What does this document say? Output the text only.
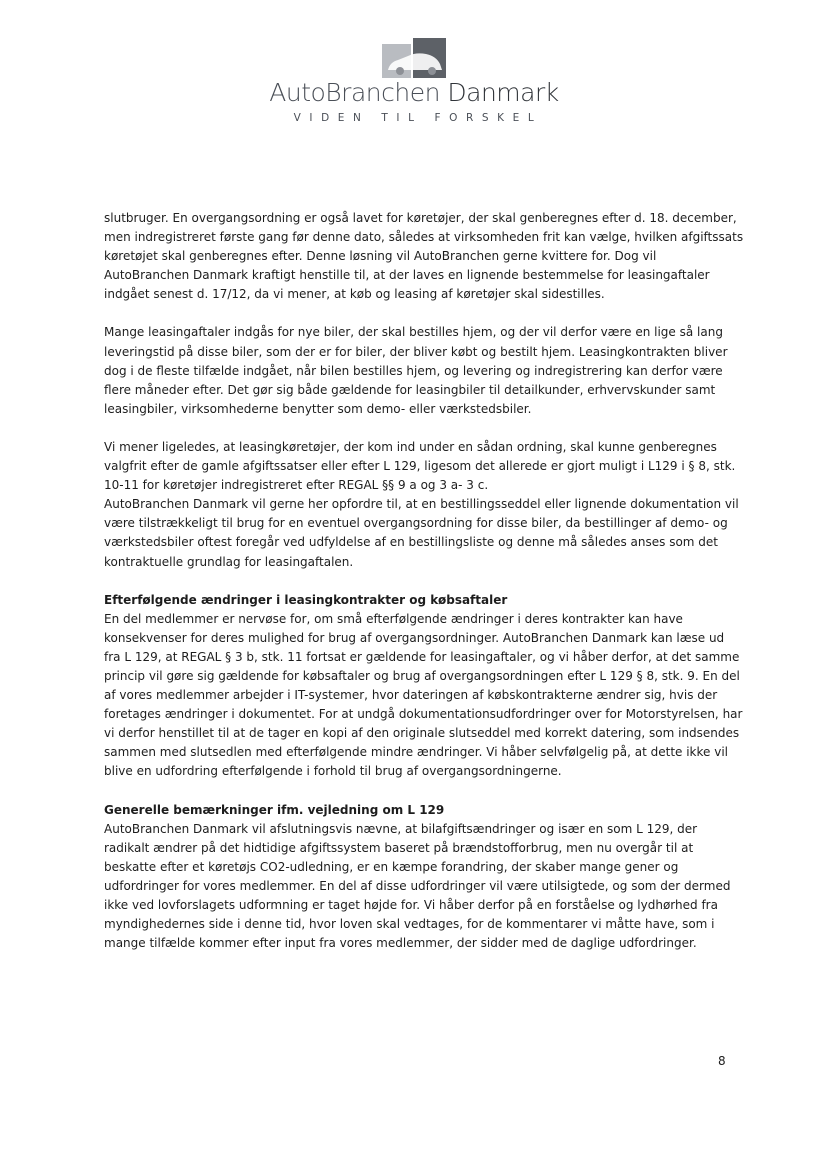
AutoBranchen Danmark
VIDEN TIL FORSKEL

slutbruger. En overgangsordning er også lavet for køretøjer, der skal genberegnes efter d. 18. december, men indregistreret første gang før denne dato, således at virksomheden frit kan vælge, hvilken afgiftssats køretøjet skal genberegnes efter. Denne løsning vil AutoBranchen gerne kvittere for. Dog vil AutoBranchen Danmark kraftigt henstille til, at der laves en lignende bestemmelse for leasingaftaler indgået senest d. 17/12, da vi mener, at køb og leasing af køretøjer skal sidestilles.

Mange leasingaftaler indgås for nye biler, der skal bestilles hjem, og der vil derfor være en lige så lang leveringstid på disse biler, som der er for biler, der bliver købt og bestilt hjem. Leasingkontrakten bliver dog i de fleste tilfælde indgået, når bilen bestilles hjem, og levering og indregistrering kan derfor være flere måneder efter. Det gør sig både gældende for leasingbiler til detailkunder, erhvervskunder samt leasingbiler, virksomhederne benytter som demo- eller værkstedsbiler.

Vi mener ligeledes, at leasingkøretøjer, der kom ind under en sådan ordning, skal kunne genberegnes valgfrit efter de gamle afgiftssatser eller efter L 129, ligesom det allerede er gjort muligt i L129 i § 8, stk. 10-11 for køretøjer indregistreret efter REGAL §§ 9 a og 3 a- 3 c.

AutoBranchen Danmark vil gerne her opfordre til, at en bestillingsseddel eller lignende dokumentation vil være tilstrækkeligt til brug for en eventuel overgangsordning for disse biler, da bestillinger af demo- og værkstedsbiler oftest foregår ved udfyldelse af en bestillingsliste og denne må således anses som det kontraktuelle grundlag for leasingaftalen.

Efterfølgende ændringer i leasingkontrakter og købsaftaler

En del medlemmer er nervøse for, om små efterfølgende ændringer i deres kontrakter kan have konsekvenser for deres mulighed for brug af overgangsordninger. AutoBranchen Danmark kan læse ud fra L 129, at REGAL § 3 b, stk. 11 fortsat er gældende for leasingaftaler, og vi håber derfor, at det samme princip vil gøre sig gældende for købsaftaler og brug af overgangsordningen efter L 129 § 8, stk. 9. En del af vores medlemmer arbejder i IT-systemer, hvor dateringen af købskontrakterne ændrer sig, hvis der foretages ændringer i dokumentet. For at undgå dokumentationsudfordringer over for Motorstyrelsen, har vi derfor henstillet til at de tager en kopi af den originale slutseddel med korrekt datering, som indsendes sammen med slutsedlen med efterfølgende mindre ændringer. Vi håber selvfølgelig på, at dette ikke vil blive en udfordring efterfølgende i forhold til brug af overgangsordningerne.

Generelle bemærkninger ifm. vejledning om L 129

AutoBranchen Danmark vil afslutningsvis nævne, at bilafgiftsændringer og især en som L 129, der radikalt ændrer på det hidtidige afgiftssystem baseret på brændstofforbrug, men nu overgår til at beskatte efter et køretøjs CO2-udledning, er en kæmpe forandring, der skaber mange gener og udfordringer for vores medlemmer. En del af disse udfordringer vil være utilsigtede, og som der dermed ikke ved lovforslagets udformning er taget højde for. Vi håber derfor på en forståelse og lydhørhed fra myndighedernes side i denne tid, hvor loven skal vedtages, for de kommentarer vi måtte have, som i mange tilfælde kommer efter input fra vores medlemmer, der sidder med de daglige udfordringer.

8
